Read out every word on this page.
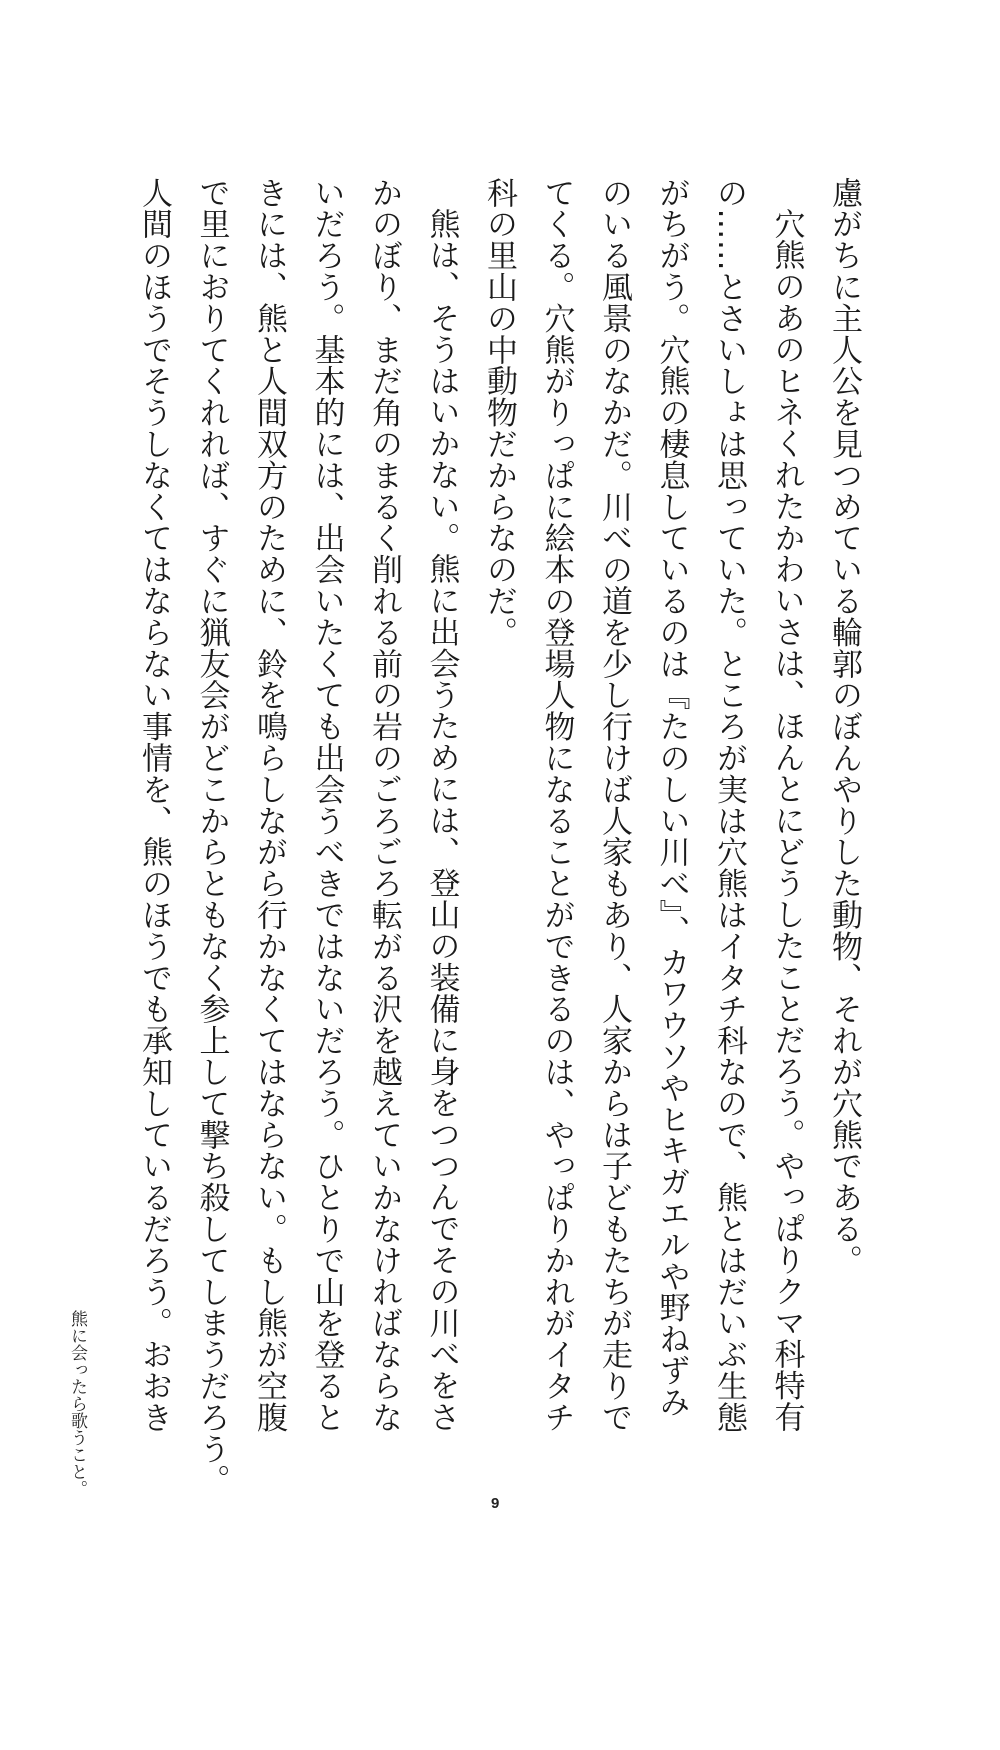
慮がちに主人公を見つめている輪郭のぼんやりした動物、それが穴熊である。
穴熊のあのヒネくれたかわいさは、ほんとにどうしたことだろう。やっぱりクマ科特有
の……とさいしょは思っていた。ところが実は穴熊はイタチ科なので、熊とはだいぶ生態
がちがう。穴熊の棲息しているのは『たのしい川べ』、カワウソやヒキガエルや野ねずみ
のいる風景のなかだ。川べの道を少し行けば人家もあり、人家からは子どもたちが走りで
てくる。穴熊がりっぱに絵本の登場人物になることができるのは、やっぱりかれがイタチ
科の里山の中動物だからなのだ。
熊は、そうはいかない。熊に出会うためには、登山の装備に身をつつんでその川べをさ
かのぼり、まだ角のまるく削れる前の岩のごろごろ転がる沢を越えていかなければならな
いだろう。基本的には、出会いたくても出会うべきではないだろう。ひとりで山を登ると
きには、熊と人間双方のために、鈴を鳴らしながら行かなくてはならない。もし熊が空腹
で里におりてくれれば、すぐに猟友会がどこからともなく参上して撃ち殺してしまうだろう。
人間のほうでそうしなくてはならない事情を、熊のほうでも承知しているだろう。おおき
熊に会ったら歌うこと。
9
